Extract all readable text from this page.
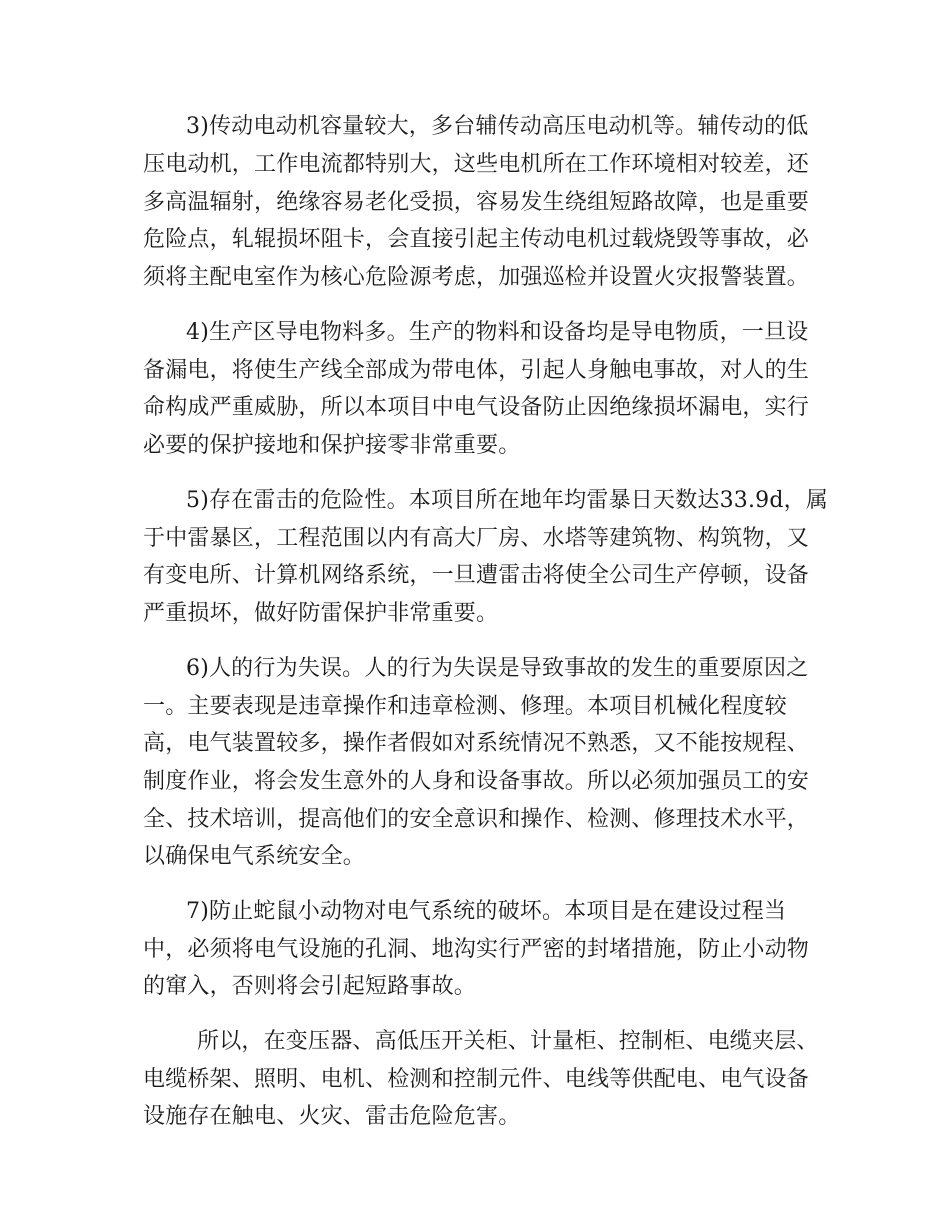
3)传动电动机容量较大，多台辅传动高压电动机等。辅传动的低
压电动机，工作电流都特别大，这些电机所在工作环境相对较差，还
多高温辐射，绝缘容易老化受损，容易发生绕组短路故障，也是重要
危险点，轧辊损坏阻卡，会直接引起主传动电机过载烧毁等事故，必
须将主配电室作为核心危险源考虑，加强巡检并设置火灾报警装置。
4)生产区导电物料多。生产的物料和设备均是导电物质，一旦设
备漏电，将使生产线全部成为带电体，引起人身触电事故，对人的生
命构成严重威胁，所以本项目中电气设备防止因绝缘损坏漏电，实行
必要的保护接地和保护接零非常重要。
5)存在雷击的危险性。本项目所在地年均雷暴日天数达33.9d，属
于中雷暴区，工程范围以内有高大厂房、水塔等建筑物、构筑物，又
有变电所、计算机网络系统，一旦遭雷击将使全公司生产停顿，设备
严重损坏，做好防雷保护非常重要。
6)人的行为失误。人的行为失误是导致事故的发生的重要原因之
一。主要表现是违章操作和违章检测、修理。本项目机械化程度较
高，电气装置较多，操作者假如对系统情况不熟悉，又不能按规程、
制度作业，将会发生意外的人身和设备事故。所以必须加强员工的安
全、技术培训，提高他们的安全意识和操作、检测、修理技术水平，
以确保电气系统安全。
7)防止蛇鼠小动物对电气系统的破坏。本项目是在建设过程当
中，必须将电气设施的孔洞、地沟实行严密的封堵措施，防止小动物
的窜入，否则将会引起短路事故。
所以，在变压器、高低压开关柜、计量柜、控制柜、电缆夹层、
电缆桥架、照明、电机、检测和控制元件、电线等供配电、电气设备
设施存在触电、火灾、雷击危险危害。
